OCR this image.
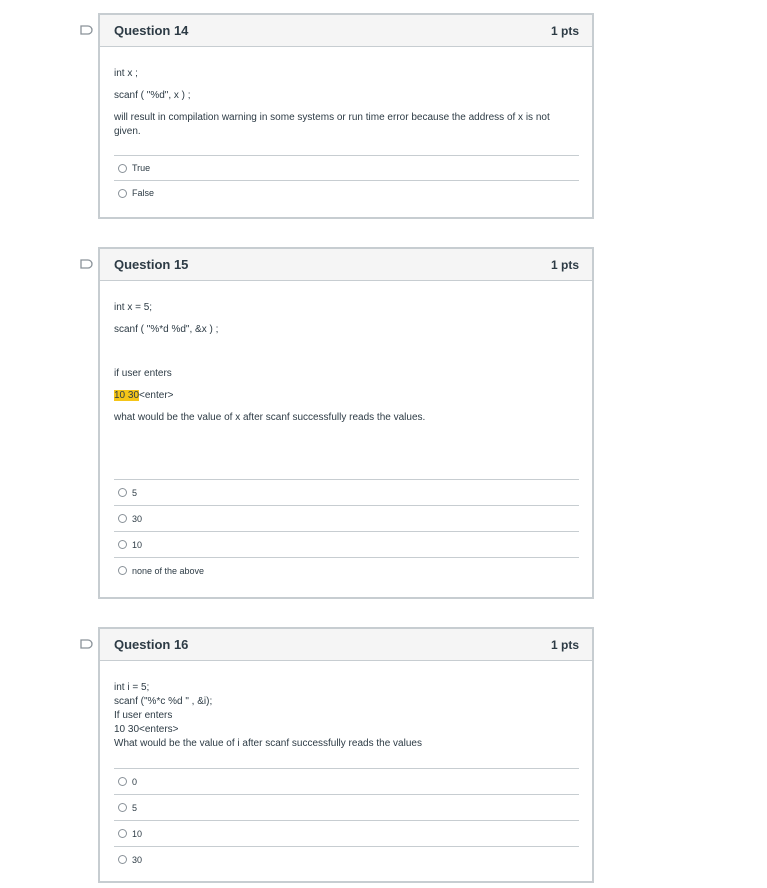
Question 14	1 pts

int x ;

scanf ( "%d", x ) ;

will result in compilation warning in some systems or run time error because the address of x is not given.

True
False
Question 15	1 pts

int x = 5;

scanf ( "%*d %d", &x ) ;

if user enters

10 30<enter>

what would be the value of x after scanf successfully reads the values.

5
30
10
none of the above
Question 16	1 pts

int i = 5;

scanf ("%*c %d " , &i);

If user enters

10 30<enters>

What would be the value of i after scanf successfully reads the values

0
5
10
30
